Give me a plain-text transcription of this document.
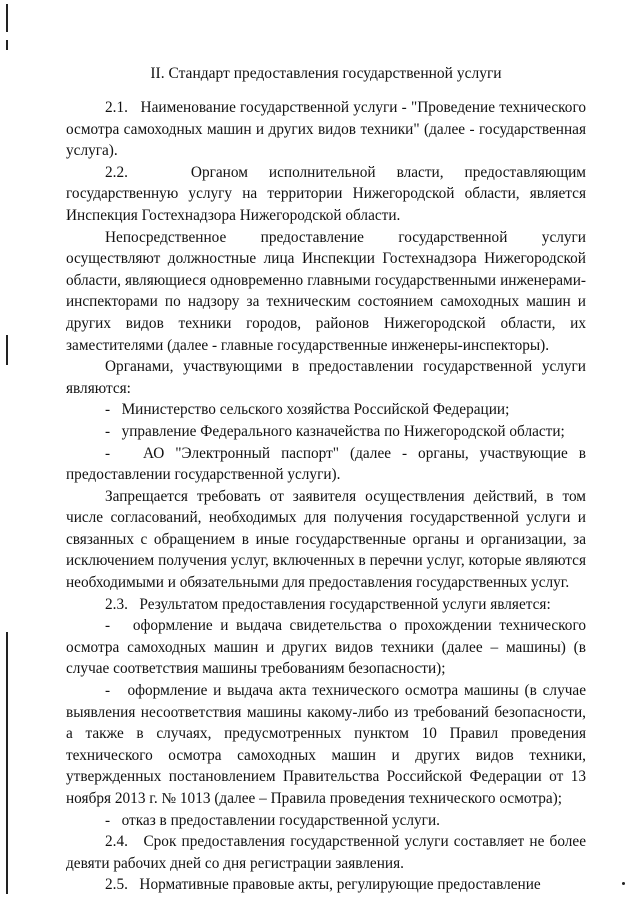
II. Стандарт предоставления государственной услуги

2.1.   Наименование государственной услуги - "Проведение технического осмотра самоходных машин и других видов техники" (далее - государственная услуга).

2.2.   Органом исполнительной власти, предоставляющим государственную услугу на территории Нижегородской области, является Инспекция Гостехнадзора Нижегородской области.

Непосредственное предоставление государственной услуги осуществляют должностные лица Инспекции Гостехнадзора Нижегородской области, являющиеся одновременно главными государственными инженерами-инспекторами по надзору за техническим состоянием самоходных машин и других видов техники городов, районов Нижегородской области, их заместителями (далее - главные государственные инженеры-инспекторы).

Органами, участвующими в предоставлении государственной услуги являются:

-   Министерство сельского хозяйства Российской Федерации;

-   управление Федерального казначейства по Нижегородской области;

-   АО "Электронный паспорт" (далее - органы, участвующие в предоставлении государственной услуги).

Запрещается требовать от заявителя осуществления действий, в том числе согласований, необходимых для получения государственной услуги и связанных с обращением в иные государственные органы и организации, за исключением получения услуг, включенных в перечни услуг, которые являются необходимыми и обязательными для предоставления государственных услуг.

2.3.   Результатом предоставления государственной услуги является:

-   оформление и выдача свидетельства о прохождении технического осмотра самоходных машин и других видов техники (далее – машины) (в случае соответствия машины требованиям безопасности);

-   оформление и выдача акта технического осмотра машины (в случае выявления несоответствия машины какому-либо из требований безопасности, а также в случаях, предусмотренных пунктом 10 Правил проведения технического осмотра самоходных машин и других видов техники, утвержденных постановлением Правительства Российской Федерации от 13 ноября 2013 г. № 1013 (далее – Правила проведения технического осмотра);

-   отказ в предоставлении государственной услуги.

2.4.   Срок предоставления государственной услуги составляет не более девяти рабочих дней со дня регистрации заявления.

2.5.   Нормативные правовые акты, регулирующие предоставление
